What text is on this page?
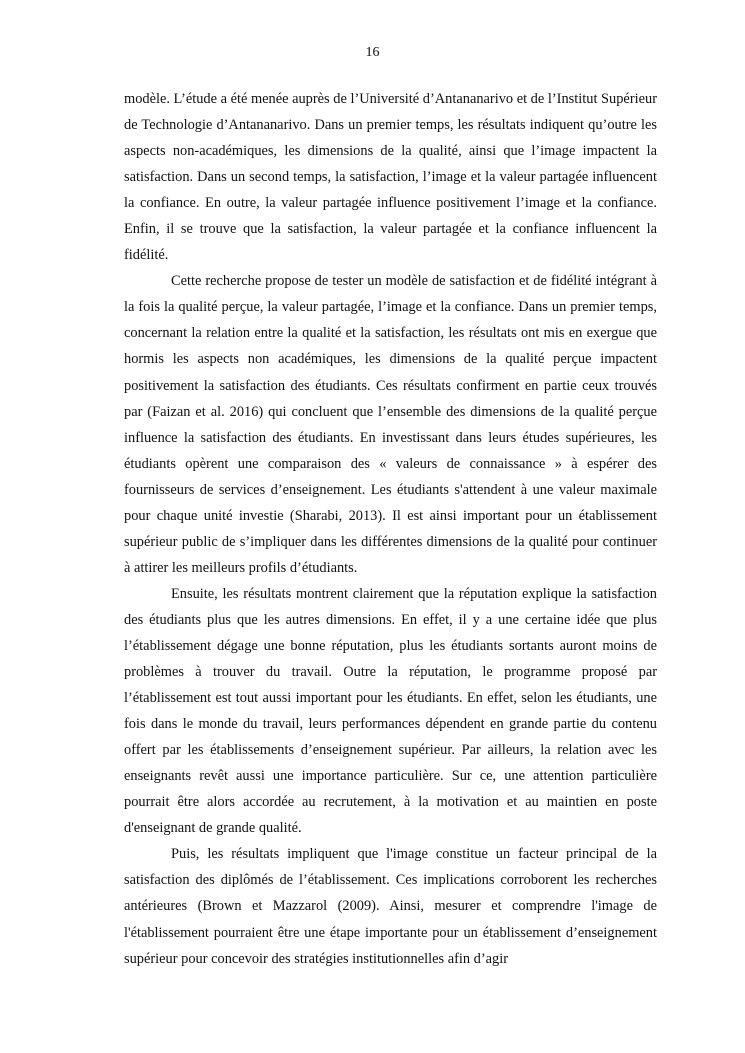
16

modèle. L’étude a été menée auprès de l’Université d’Antananarivo et de l’Institut Supérieur de Technologie d’Antananarivo. Dans un premier temps, les résultats indiquent qu’outre les aspects non-académiques, les dimensions de la qualité, ainsi que l’image impactent la satisfaction. Dans un second temps, la satisfaction, l’image et la valeur partagée influencent la confiance. En outre, la valeur partagée influence positivement l’image et la confiance. Enfin, il se trouve que la satisfaction, la valeur partagée et la confiance influencent la fidélité.

Cette recherche propose de tester un modèle de satisfaction et de fidélité intégrant à la fois la qualité perçue, la valeur partagée, l’image et la confiance. Dans un premier temps, concernant la relation entre la qualité et la satisfaction, les résultats ont mis en exergue que hormis les aspects non académiques, les dimensions de la qualité perçue impactent positivement la satisfaction des étudiants. Ces résultats confirment en partie ceux trouvés par (Faizan et al. 2016) qui concluent que l’ensemble des dimensions de la qualité perçue influence la satisfaction des étudiants. En investissant dans leurs études supérieures, les étudiants opèrent une comparaison des « valeurs de connaissance » à espérer des fournisseurs de services d’enseignement. Les étudiants s'attendent à une valeur maximale pour chaque unité investie (Sharabi, 2013). Il est ainsi important pour un établissement supérieur public de s’impliquer dans les différentes dimensions de la qualité pour continuer à attirer les meilleurs profils d’étudiants.

Ensuite, les résultats montrent clairement que la réputation explique la satisfaction des étudiants plus que les autres dimensions. En effet, il y a une certaine idée que plus l’établissement dégage une bonne réputation, plus les étudiants sortants auront moins de problèmes à trouver du travail. Outre la réputation, le programme proposé par l’établissement est tout aussi important pour les étudiants. En effet, selon les étudiants, une fois dans le monde du travail, leurs performances dépendent en grande partie du contenu offert par les établissements d’enseignement supérieur. Par ailleurs, la relation avec les enseignants revêt aussi une importance particulière. Sur ce, une attention particulière pourrait être alors accordée au recrutement, à la motivation et au maintien en poste d'enseignant de grande qualité.

Puis, les résultats impliquent que l'image constitue un facteur principal de la satisfaction des diplômés de l’établissement. Ces implications corroborent les recherches antérieures (Brown et Mazzarol (2009). Ainsi, mesurer et comprendre l'image de l'établissement pourraient être une étape importante pour un établissement d’enseignement supérieur pour concevoir des stratégies institutionnelles afin d’agir
